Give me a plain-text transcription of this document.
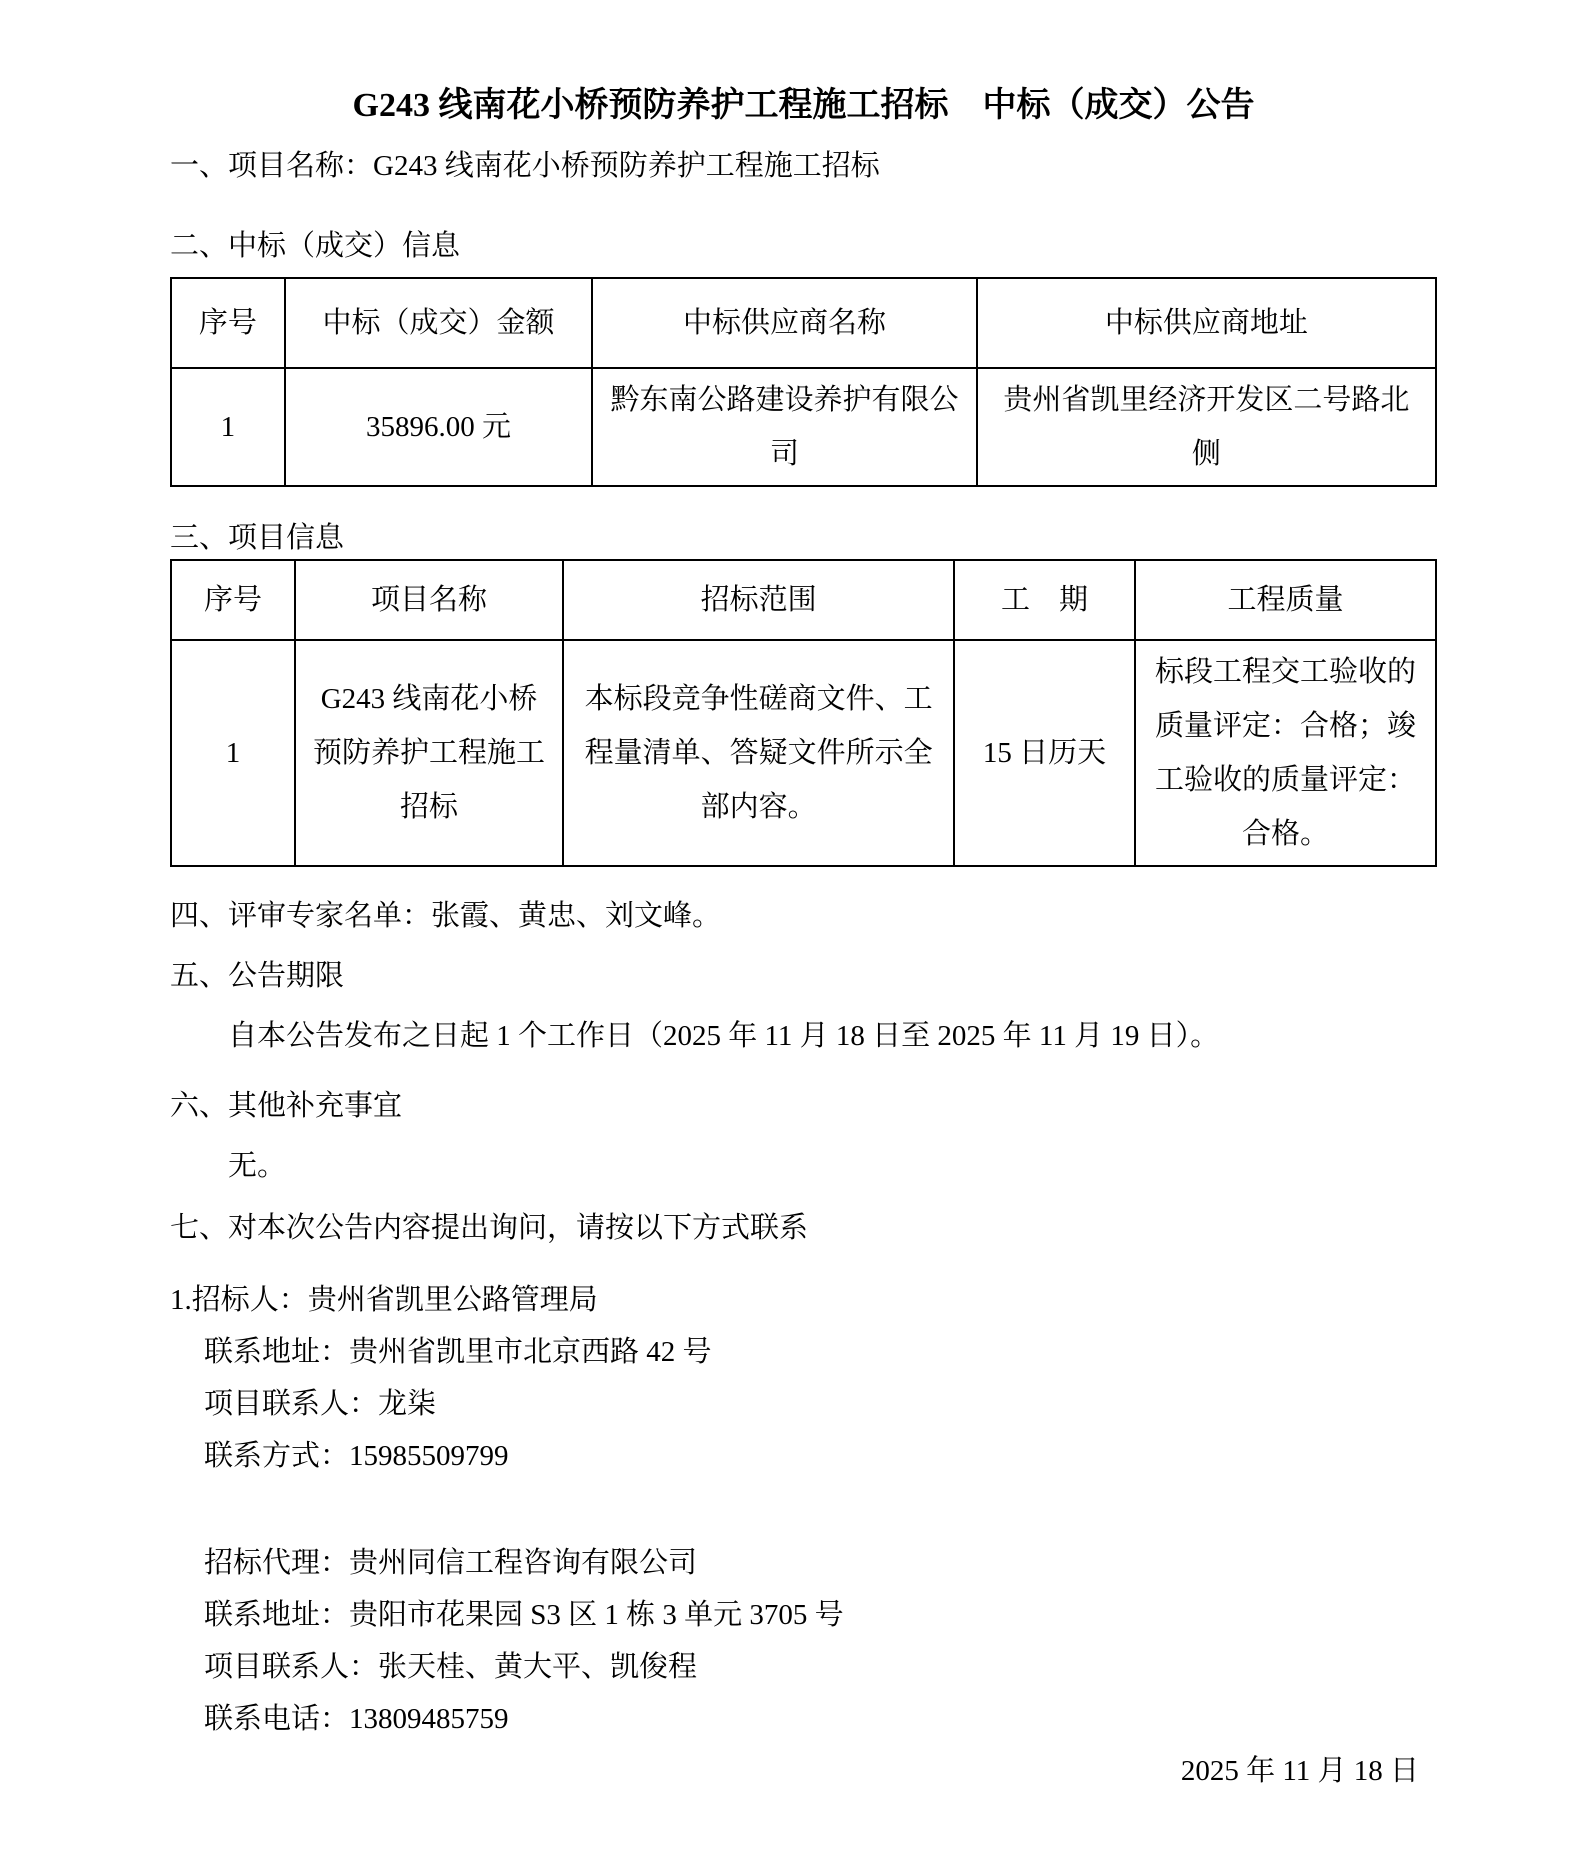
G243 线南花小桥预防养护工程施工招标　中标（成交）公告

一、项目名称：G243 线南花小桥预防养护工程施工招标

二、中标（成交）信息

序号	中标（成交）金额	中标供应商名称	中标供应商地址
1	35896.00 元	黔东南公路建设养护有限公司	贵州省凯里经济开发区二号路北侧

三、项目信息

序号	项目名称	招标范围	工　期	工程质量
1	G243 线南花小桥预防养护工程施工招标	本标段竞争性磋商文件、工程量清单、答疑文件所示全部内容。	15 日历天	标段工程交工验收的质量评定：合格；竣工验收的质量评定：合格。

四、评审专家名单：张霞、黄忠、刘文峰。

五、公告期限

自本公告发布之日起 1 个工作日（2025 年 11 月 18 日至 2025 年 11 月 19 日）。

六、其他补充事宜

无。

七、对本次公告内容提出询问，请按以下方式联系

1.招标人：贵州省凯里公路管理局

联系地址：贵州省凯里市北京西路 42 号

项目联系人：龙柒

联系方式：15985509799

招标代理：贵州同信工程咨询有限公司

联系地址：贵阳市花果园 S3 区 1 栋 3 单元 3705 号

项目联系人：张天桂、黄大平、凯俊程

联系电话：13809485759

2025 年 11 月 18 日
